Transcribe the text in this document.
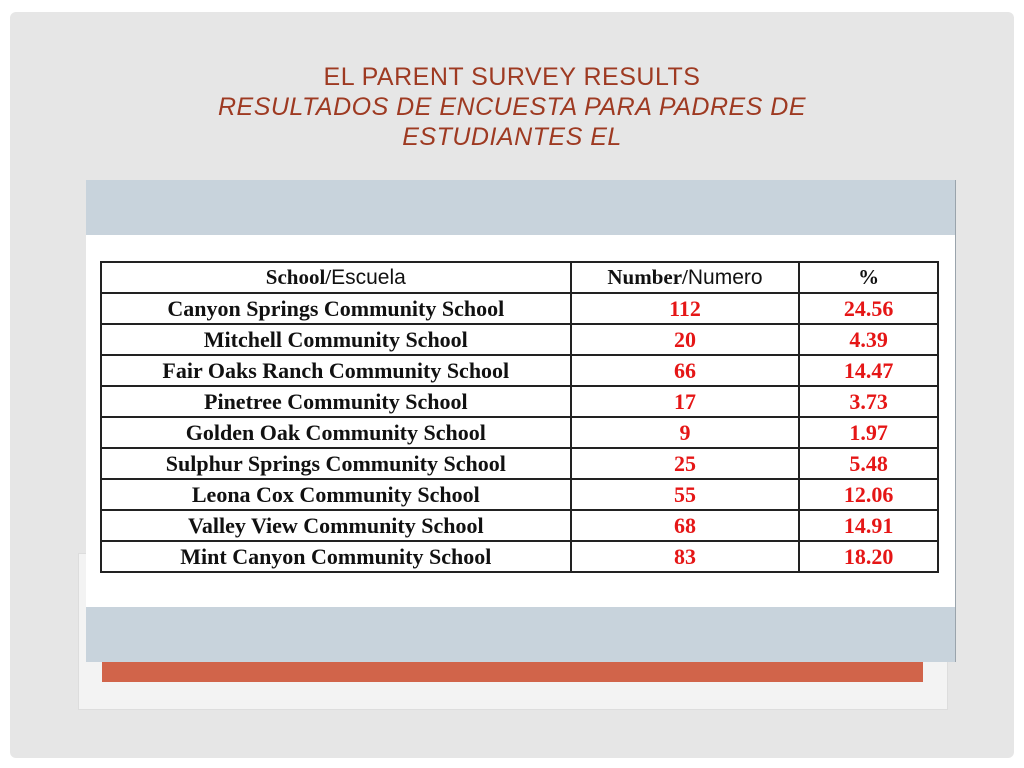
EL PARENT SURVEY RESULTS
RESULTADOS DE ENCUESTA PARA PADRES DE
ESTUDIANTES EL
School/Escuela	Number/Numero	%
Canyon Springs Community School	112	24.56
Mitchell Community School	20	4.39
Fair Oaks Ranch Community School	66	14.47
Pinetree Community School	17	3.73
Golden Oak Community School	9	1.97
Sulphur Springs Community School	25	5.48
Leona Cox Community School	55	12.06
Valley View Community School	68	14.91
Mint Canyon Community School	83	18.20
